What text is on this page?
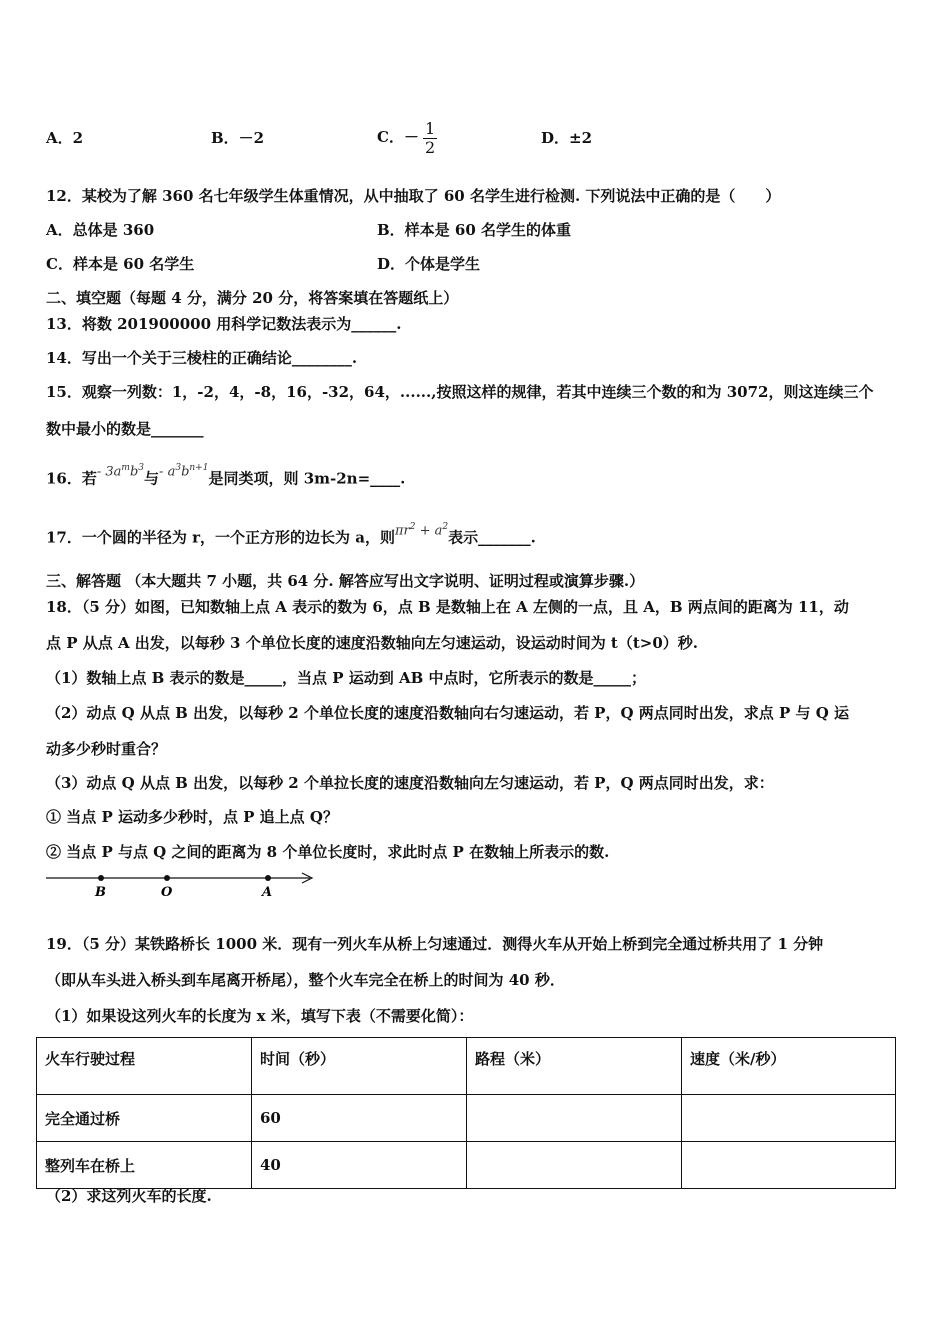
A．2	B．－2	C．－ $\frac{1}{2}$	D．±2
12．某校为了解 360 名七年级学生体重情况，从中抽取了 60 名学生进行检测. 下列说法中正确的是（　　）
A．总体是 360	B．样本是 60 名学生的体重
C．样本是 60 名学生	D．个体是学生
二、填空题（每题 4 分，满分 20 分，将答案填在答题纸上）
13．将数 201900000 用科学记数法表示为______.
14．写出一个关于三棱柱的正确结论________.
15．观察一列数：1，-2，4，-8，16，-32，64，......,按照这样的规律，若其中连续三个数的和为 3072，则这连续三个
数中最小的数是_______
16．若- $3a^mb^3$与- $a^3b^{n+1}$是同类项，则 3m-2n=____.
17．一个圆的半径为 r，一个正方形的边长为 a，则$\pi r^2 + a^2$表示_______.
三、解答题 （本大题共 7 小题，共 64 分. 解答应写出文字说明、证明过程或演算步骤.）
18．（5 分）如图，已知数轴上点 A 表示的数为 6，点 B 是数轴上在 A 左侧的一点，且 A，B 两点间的距离为 11，动
点 P 从点 A 出发，以每秒 3 个单位长度的速度沿数轴向左匀速运动，设运动时间为 t（t>0）秒.
（1）数轴上点 B 表示的数是_____，当点 P 运动到 AB 中点时，它所表示的数是_____；
（2）动点 Q 从点 B 出发，以每秒 2 个单位长度的速度沿数轴向右匀速运动，若 P，Q 两点同时出发，求点 P 与 Q 运
动多少秒时重合？
（3）动点 Q 从点 B 出发，以每秒 2 个单拉长度的速度沿数轴向左匀速运动，若 P，Q 两点同时出发，求：
① 当点 P 运动多少秒时，点 P 追上点 Q？
② 当点 P 与点 Q 之间的距离为 8 个单位长度时，求此时点 P 在数轴上所表示的数.
B	O	A
19．（5 分）某铁路桥长 1000 米．现有一列火车从桥上匀速通过．测得火车从开始上桥到完全通过桥共用了 1 分钟
（即从车头进入桥头到车尾离开桥尾），整个火车完全在桥上的时间为 40 秒．
（1）如果设这列火车的长度为 x 米，填写下表（不需要化简）：
火车行驶过程	时间（秒）	路程（米）	速度（米/秒）
完全通过桥	60		
整列车在桥上	40		
（2）求这列火车的长度.
